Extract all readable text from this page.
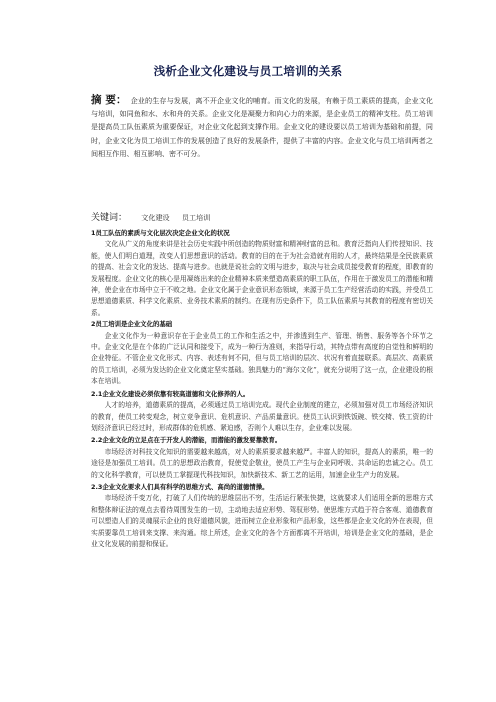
浅析企业文化建设与员工培训的关系

摘 要： 企业的生存与发展，离不开企业文化的哺育。而文化的发展，有赖于员工素质的提高，企业文化与培训，如同鱼和水、水和舟的关系。企业文化是凝聚力和向心力的来源，是企业员工的精神支柱。员工培训是提高员工队伍素质为重要保证，对企业文化起到支撑作用。企业文化的建设要以员工培训为基础和前提，同时，企业文化为员工培训工作的发展创造了良好的发展条件，提供了丰富的内容。企业文化与员工培训两者之间相互作用、相互影响、密不可分。

关键词： 文化建设 员工培训

1员工队伍的素质与文化层次决定企业文化的状况

文化从广义的角度来讲是社会历史实践中所创造的物质财富和精神财富的总和。教育泛指向人们传授知识、技能，使人们明白道理，改变人们思想意识的活动。教育的目的在于为社会造就有用的人才，最终结果是全民族素质的提高、社会文化的发达、提高与进步。也就是说社会的文明与进步，取决与社会成员接受教育的程度，即教育的发展程度。企业文化的核心是用凝练出来的企业精神本质来塑造高素质的职工队伍，作用在于激发员工的潜能和精神，使企业在市场中立于不败之地。企业文化属于企业意识形态领域，来源于员工生产经营活动的实践，并受员工思想道德素质、科学文化素质、业务技术素质的制约。在现有历史条件下，员工队伍素质与其教育的程度有密切关系。

2员工培训是企业文化的基础

企业文化作为一种意识存在于企业员工的工作和生活之中，并渗透到生产、管理、销售、服务等各个环节之中。企业文化是在个体的广泛认同和接受下，成为一种行为准则，来指导行动，其特点带有高度的自觉性和鲜明的企业特征。不管企业文化形式、内容、表述有何不同，但与员工培训的层次、状况有着直接联系。高层次、高素质的员工培训，必须为发达的企业文化奠定坚实基础。独具魅力的“海尔文化”，就充分说明了这一点，企业建设的根本在培训。

2.1企业文化建设必须依靠有较高道德和文化修养的人。

人才的培养，道德素质的提高，必须通过员工培训完成。现代企业制度的建立，必须加强对员工市场经济知识的教育，使员工转变观念，树立竞争意识、危机意识、产品质量意识。使员工认识到铁饭碗、铁交椅、铁工资的计划经济意识已经过时，形成群体的危机感、紧迫感，否则个人难以生存，企业难以发展。

2.2企业文化的立足点在于开发人的潜能，而潜能的激发要靠教育。

市场经济对科技文化知识的需要越来越高，对人的素质要求越来越严。丰富人的知识，提高人的素质，唯一的途径是加强员工培训。员工的思想政治教育，促使觉企敬业，使员工产生与企业同呼吸、共命运的忠诚之心。员工的文化科学教育，可以使员工掌握现代科技知识，加快新技术、新工艺的运用，加速企业生产力的发展。

2.3企业文化要求人们具有科学的思维方式、高尚的道德情操。

市场经济千变万化，打破了人们传统的思维层出不穷，生活运行紧张快捷，这就要求人们适用全新的思维方式和整体辩证法的观点去看待周围发生的一切，主动地去适应形势、驾驭形势。使思维方式趋于符合客观、道德教育可以塑造人们的灵魂展示企业的良好道德风貌，进而树立企业形象和产品形象，这些都是企业文化的外在表现，但实质要靠员工培训来支撑、来沟通。综上所述，企业文化的各个方面都离不开培训，培训是企业文化的基础，是企业文化发展的前提和保证。
